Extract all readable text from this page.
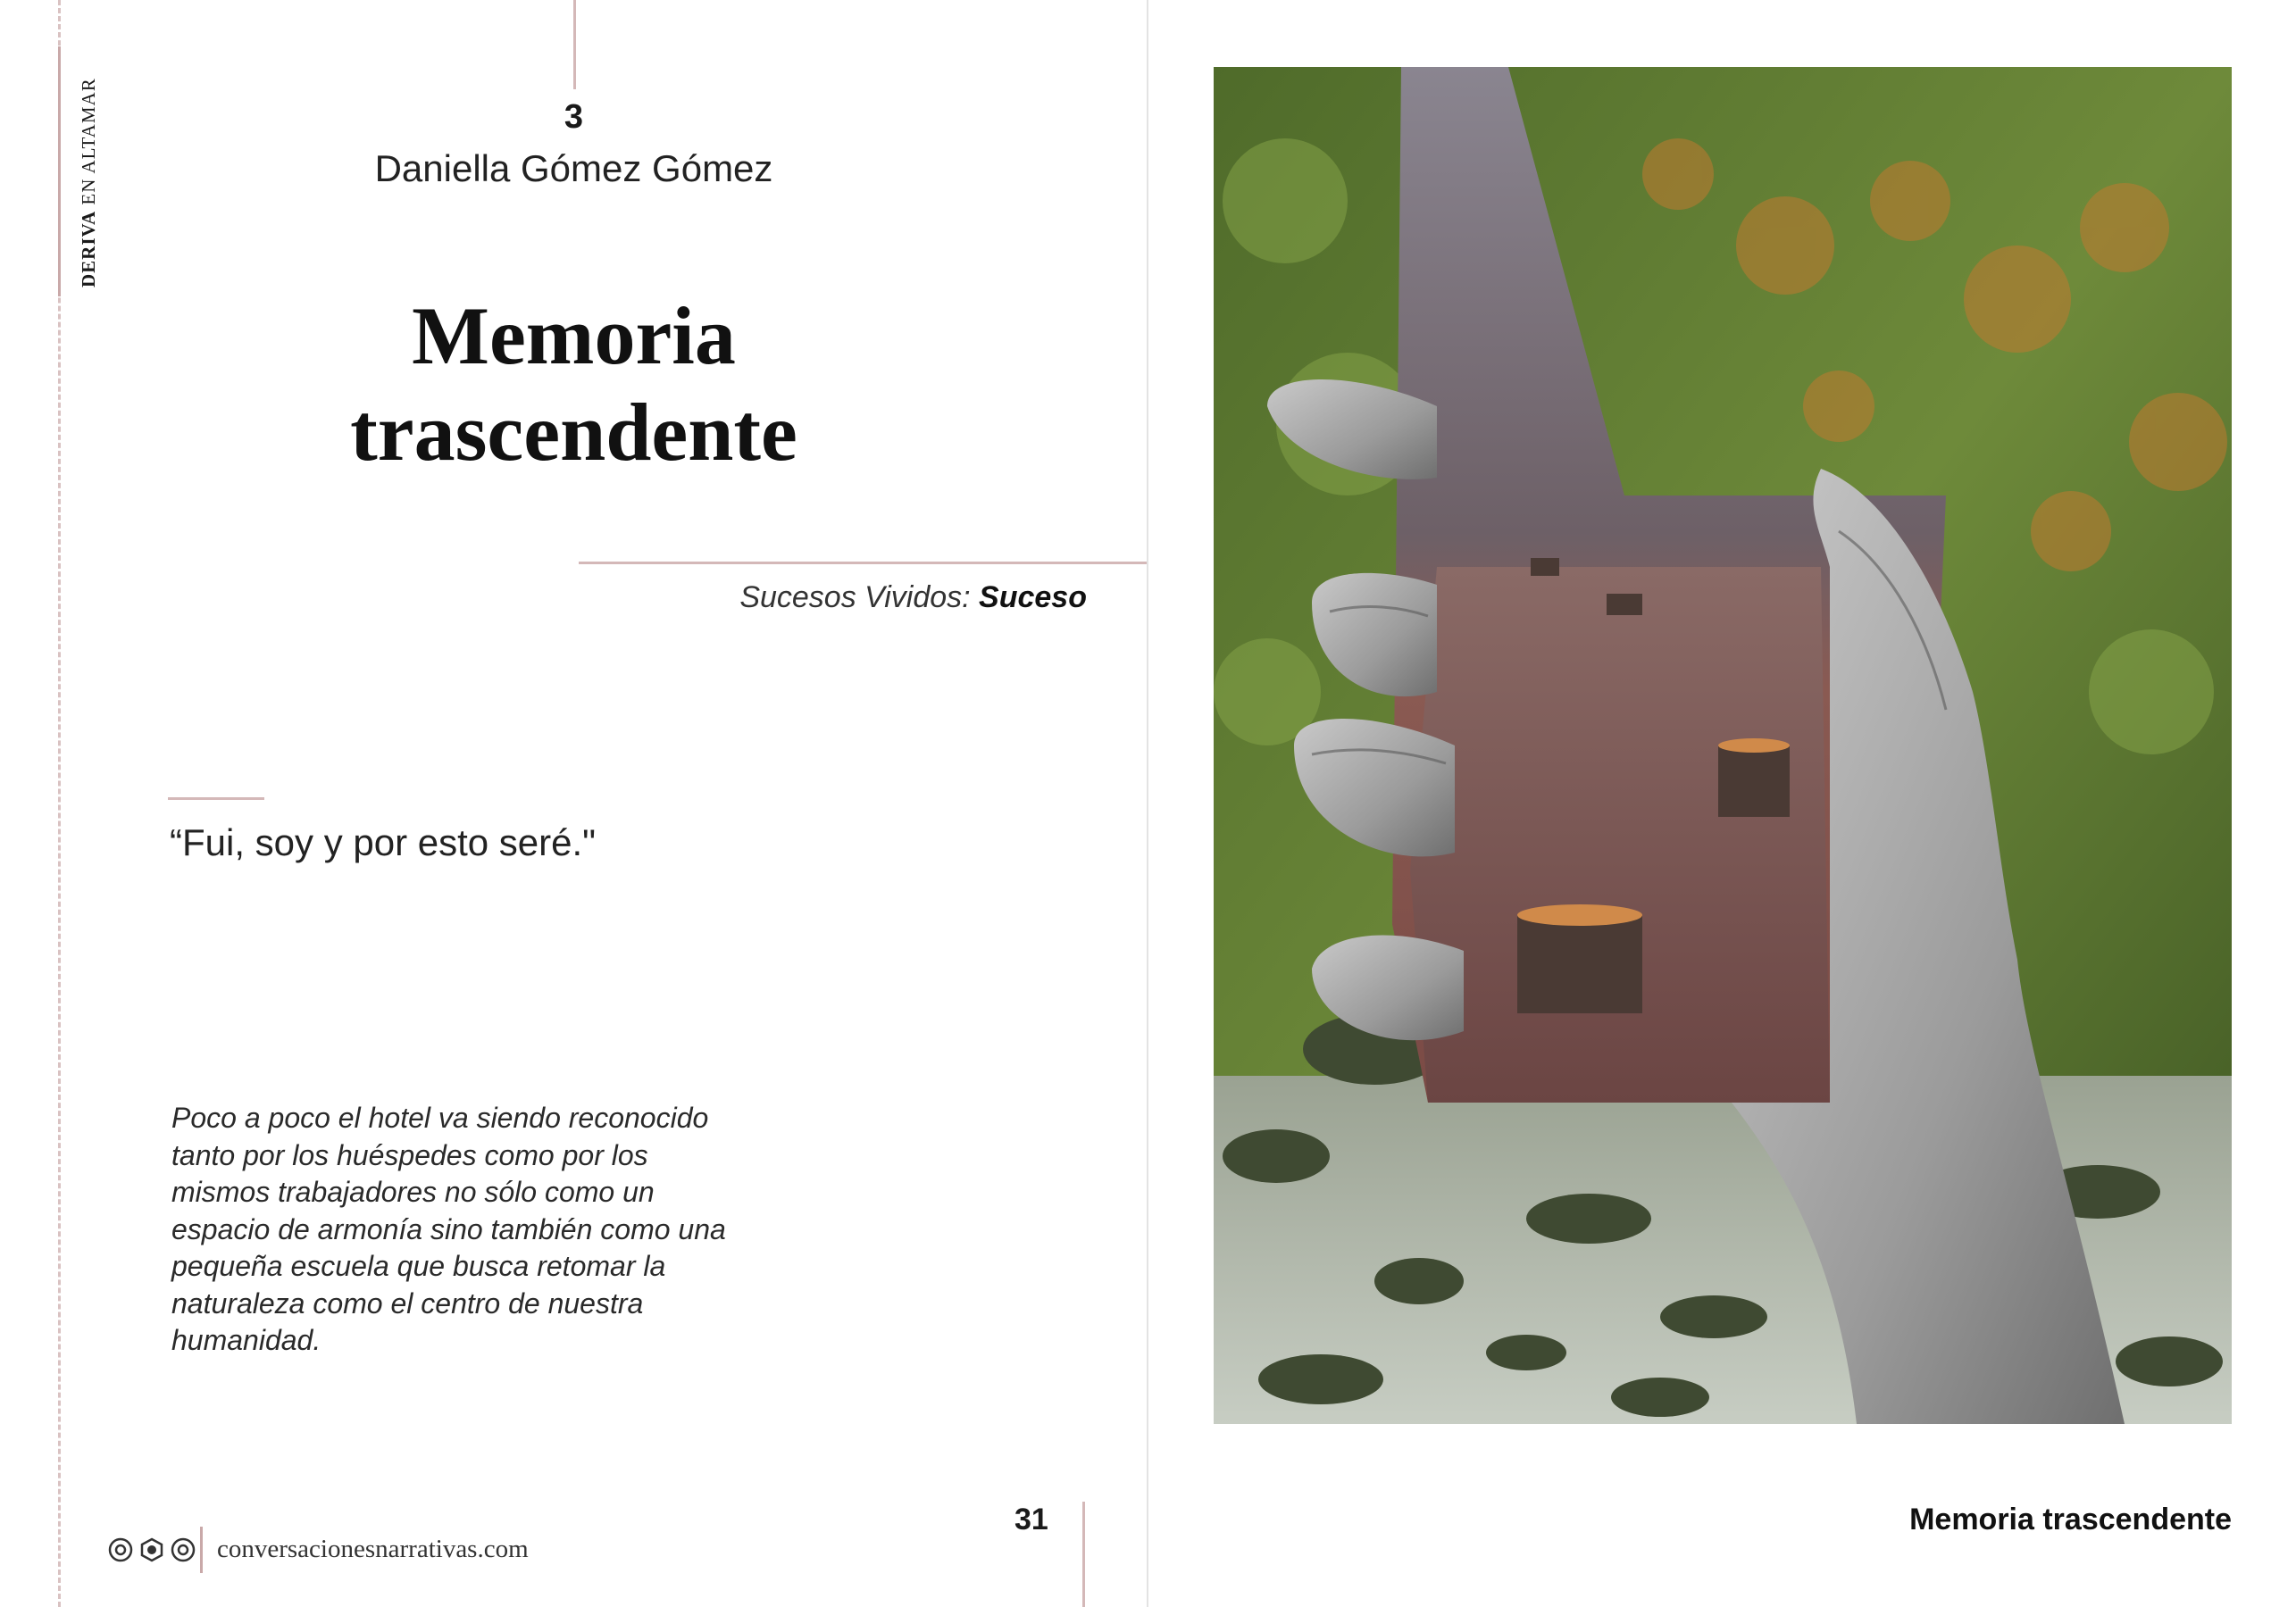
DERIVA EN ALTAMAR	3
Daniella Gómez Gómez
Memoria
trascendente
Sucesos Vividos: Suceso
“Fui, soy y por esto seré."
Poco a poco el hotel va siendo reconocido tanto por los huéspedes como por los mismos trabajadores no sólo como un espacio de armonía sino también como una pequeña escuela que busca retomar la naturaleza como el centro de nuestra humanidad.
31
conversacionesnarrativas.com
Memoria trascendente
